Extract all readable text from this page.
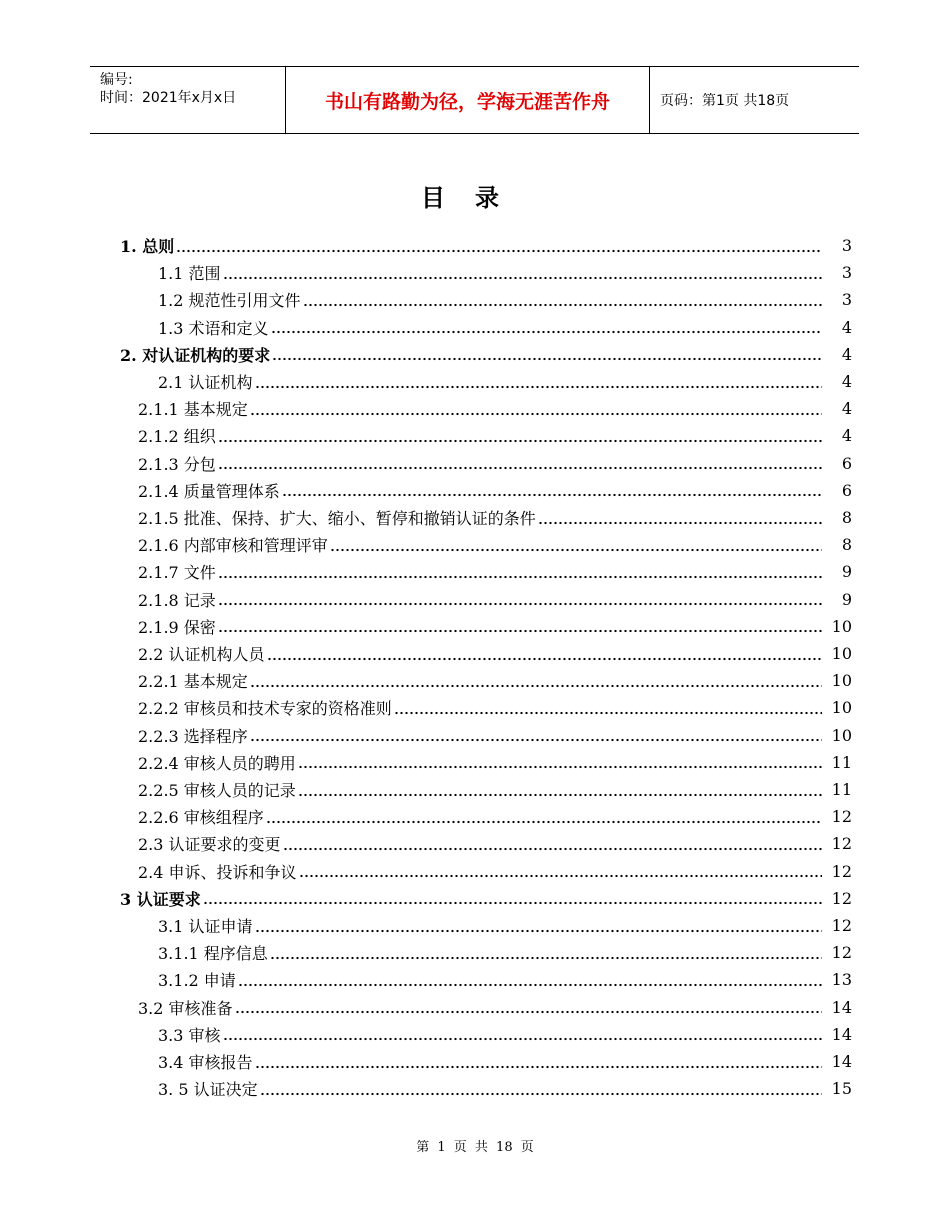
编号:
时间：2021年x月x日	书山有路勤为径，学海无涯苦作舟	页码：第1页 共18页
目录
1. 总则	3
1.1 范围	3
1.2 规范性引用文件	3
1.3 术语和定义	4
2. 对认证机构的要求	4
2.1 认证机构	4
2.1.1 基本规定	4
2.1.2 组织	4
2.1.3 分包	6
2.1.4 质量管理体系	6
2.1.5 批准、保持、扩大、缩小、暂停和撤销认证的条件	8
2.1.6 内部审核和管理评审	8
2.1.7 文件	9
2.1.8 记录	9
2.1.9 保密	10
2.2 认证机构人员	10
2.2.1 基本规定	10
2.2.2 审核员和技术专家的资格准则	10
2.2.3 选择程序	10
2.2.4 审核人员的聘用	11
2.2.5 审核人员的记录	11
2.2.6 审核组程序	12
2.3 认证要求的变更	12
2.4 申诉、投诉和争议	12
3 认证要求	12
3.1 认证申请	12
3.1.1 程序信息	12
3.1.2 申请	13
3.2 审核准备	14
3.3 审核	14
3.4 审核报告	14
3. 5 认证决定	15
第 1 页 共 18 页
